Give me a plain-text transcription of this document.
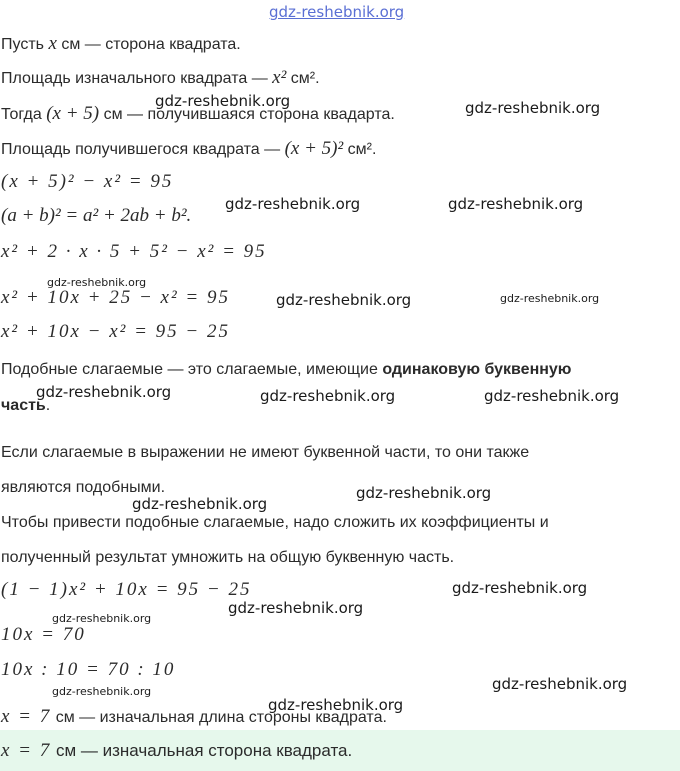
gdz-reshebnik.org
Пусть x см — сторона квадрата.
Площадь изначального квадрата — x² см².
Тогда (x + 5) см — получившаяся сторона квадарта.
Площадь получившегося квадрата — (x + 5)² см².
(x + 5)² − x² = 95
(a + b)² = a² + 2ab + b².
x² + 2 · x · 5 + 5² − x² = 95
x² + 10x + 25 − x² = 95
x² + 10x − x² = 95 − 25
Подобные слагаемые — это слагаемые, имеющие одинаковую буквенную
часть.
Если слагаемые в выражении не имеют буквенной части, то они также
являются подобными.
Чтобы привести подобные слагаемые, надо сложить их коэффициенты и
полученный результат умножить на общую буквенную часть.
(1 − 1)x² + 10x = 95 − 25
10x = 70
10x : 10 = 70 : 10
x = 7 см — изначальная длина стороны квадрата.
x = 7 см — изначальная сторона квадрата.
gdz-reshebnik.org	gdz-reshebnik.org
gdz-reshebnik.org	gdz-reshebnik.org
gdz-reshebnik.org
gdz-reshebnik.org	gdz-reshebnik.org
gdz-reshebnik.org	gdz-reshebnik.org	gdz-reshebnik.org
gdz-reshebnik.org
gdz-reshebnik.org
gdz-reshebnik.org
gdz-reshebnik.org
gdz-reshebnik.org
gdz-reshebnik.org
gdz-reshebnik.org
gdz-reshebnik.org
